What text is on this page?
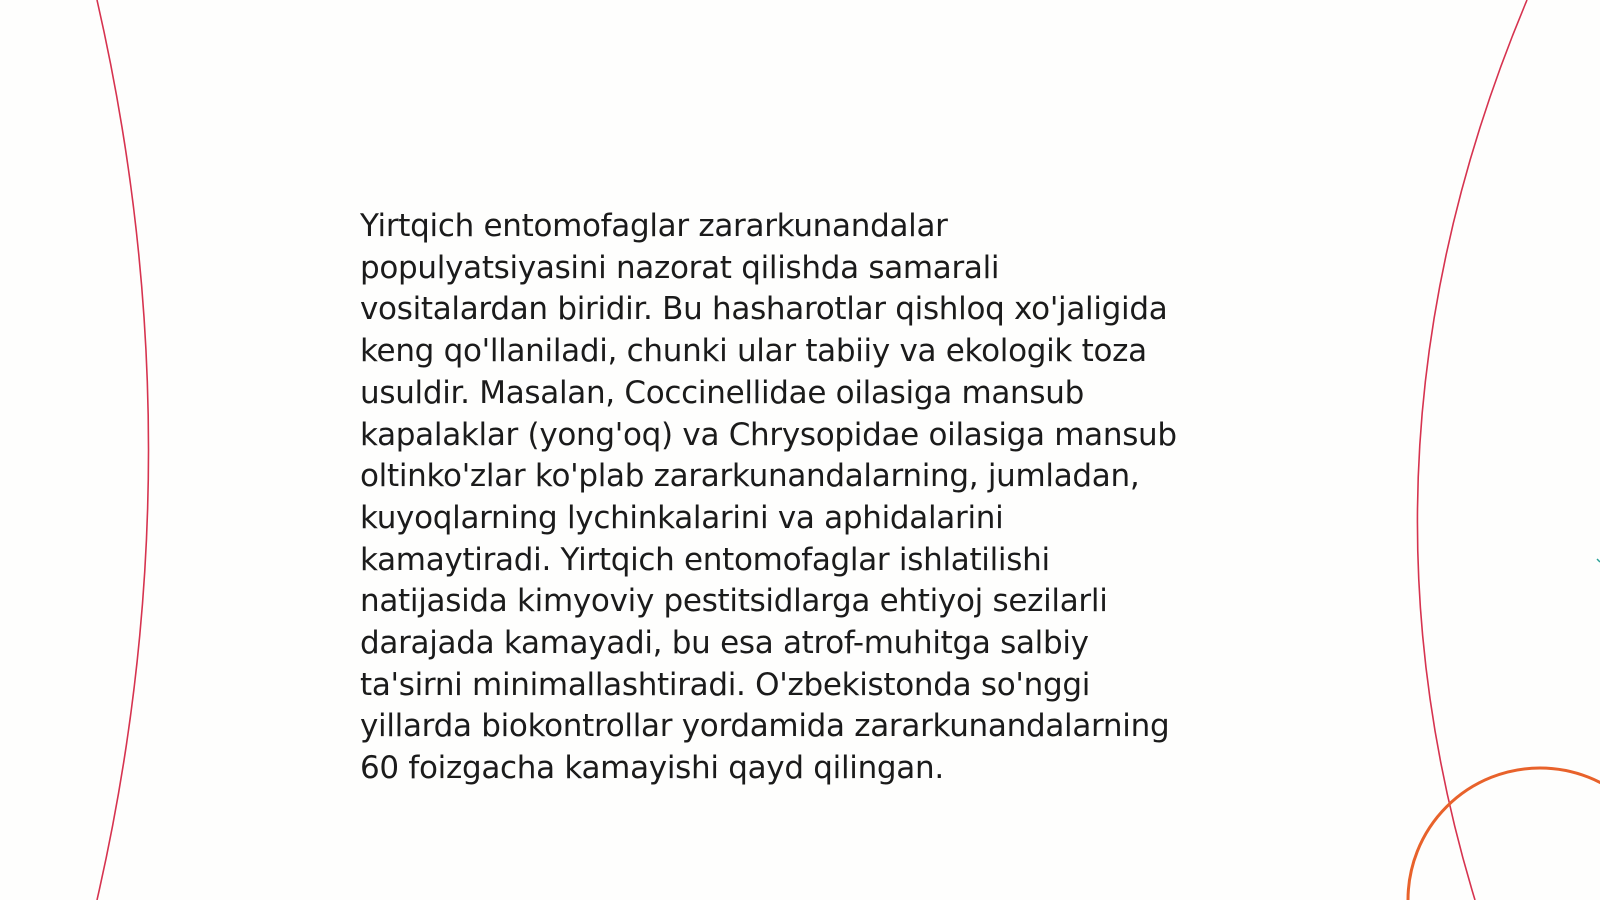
Yirtqich entomofaglar zararkunandalar
populyatsiyasini nazorat qilishda samarali
vositalardan biridir. Bu hasharotlar qishloq xo'jaligida
keng qo'llaniladi, chunki ular tabiiy va ekologik toza
usuldir. Masalan, Coccinellidae oilasiga mansub
kapalaklar (yong'oq) va Chrysopidae oilasiga mansub
oltinko'zlar ko'plab zararkunandalarning, jumladan,
kuyoqlarning lychinkalarini va aphidalarini
kamaytiradi. Yirtqich entomofaglar ishlatilishi
natijasida kimyoviy pestitsidlarga ehtiyoj sezilarli
darajada kamayadi, bu esa atrof-muhitga salbiy
ta'sirni minimallashtiradi. O'zbekistonda so'nggi
yillarda biokontrollar yordamida zararkunandalarning
60 foizgacha kamayishi qayd qilingan.
